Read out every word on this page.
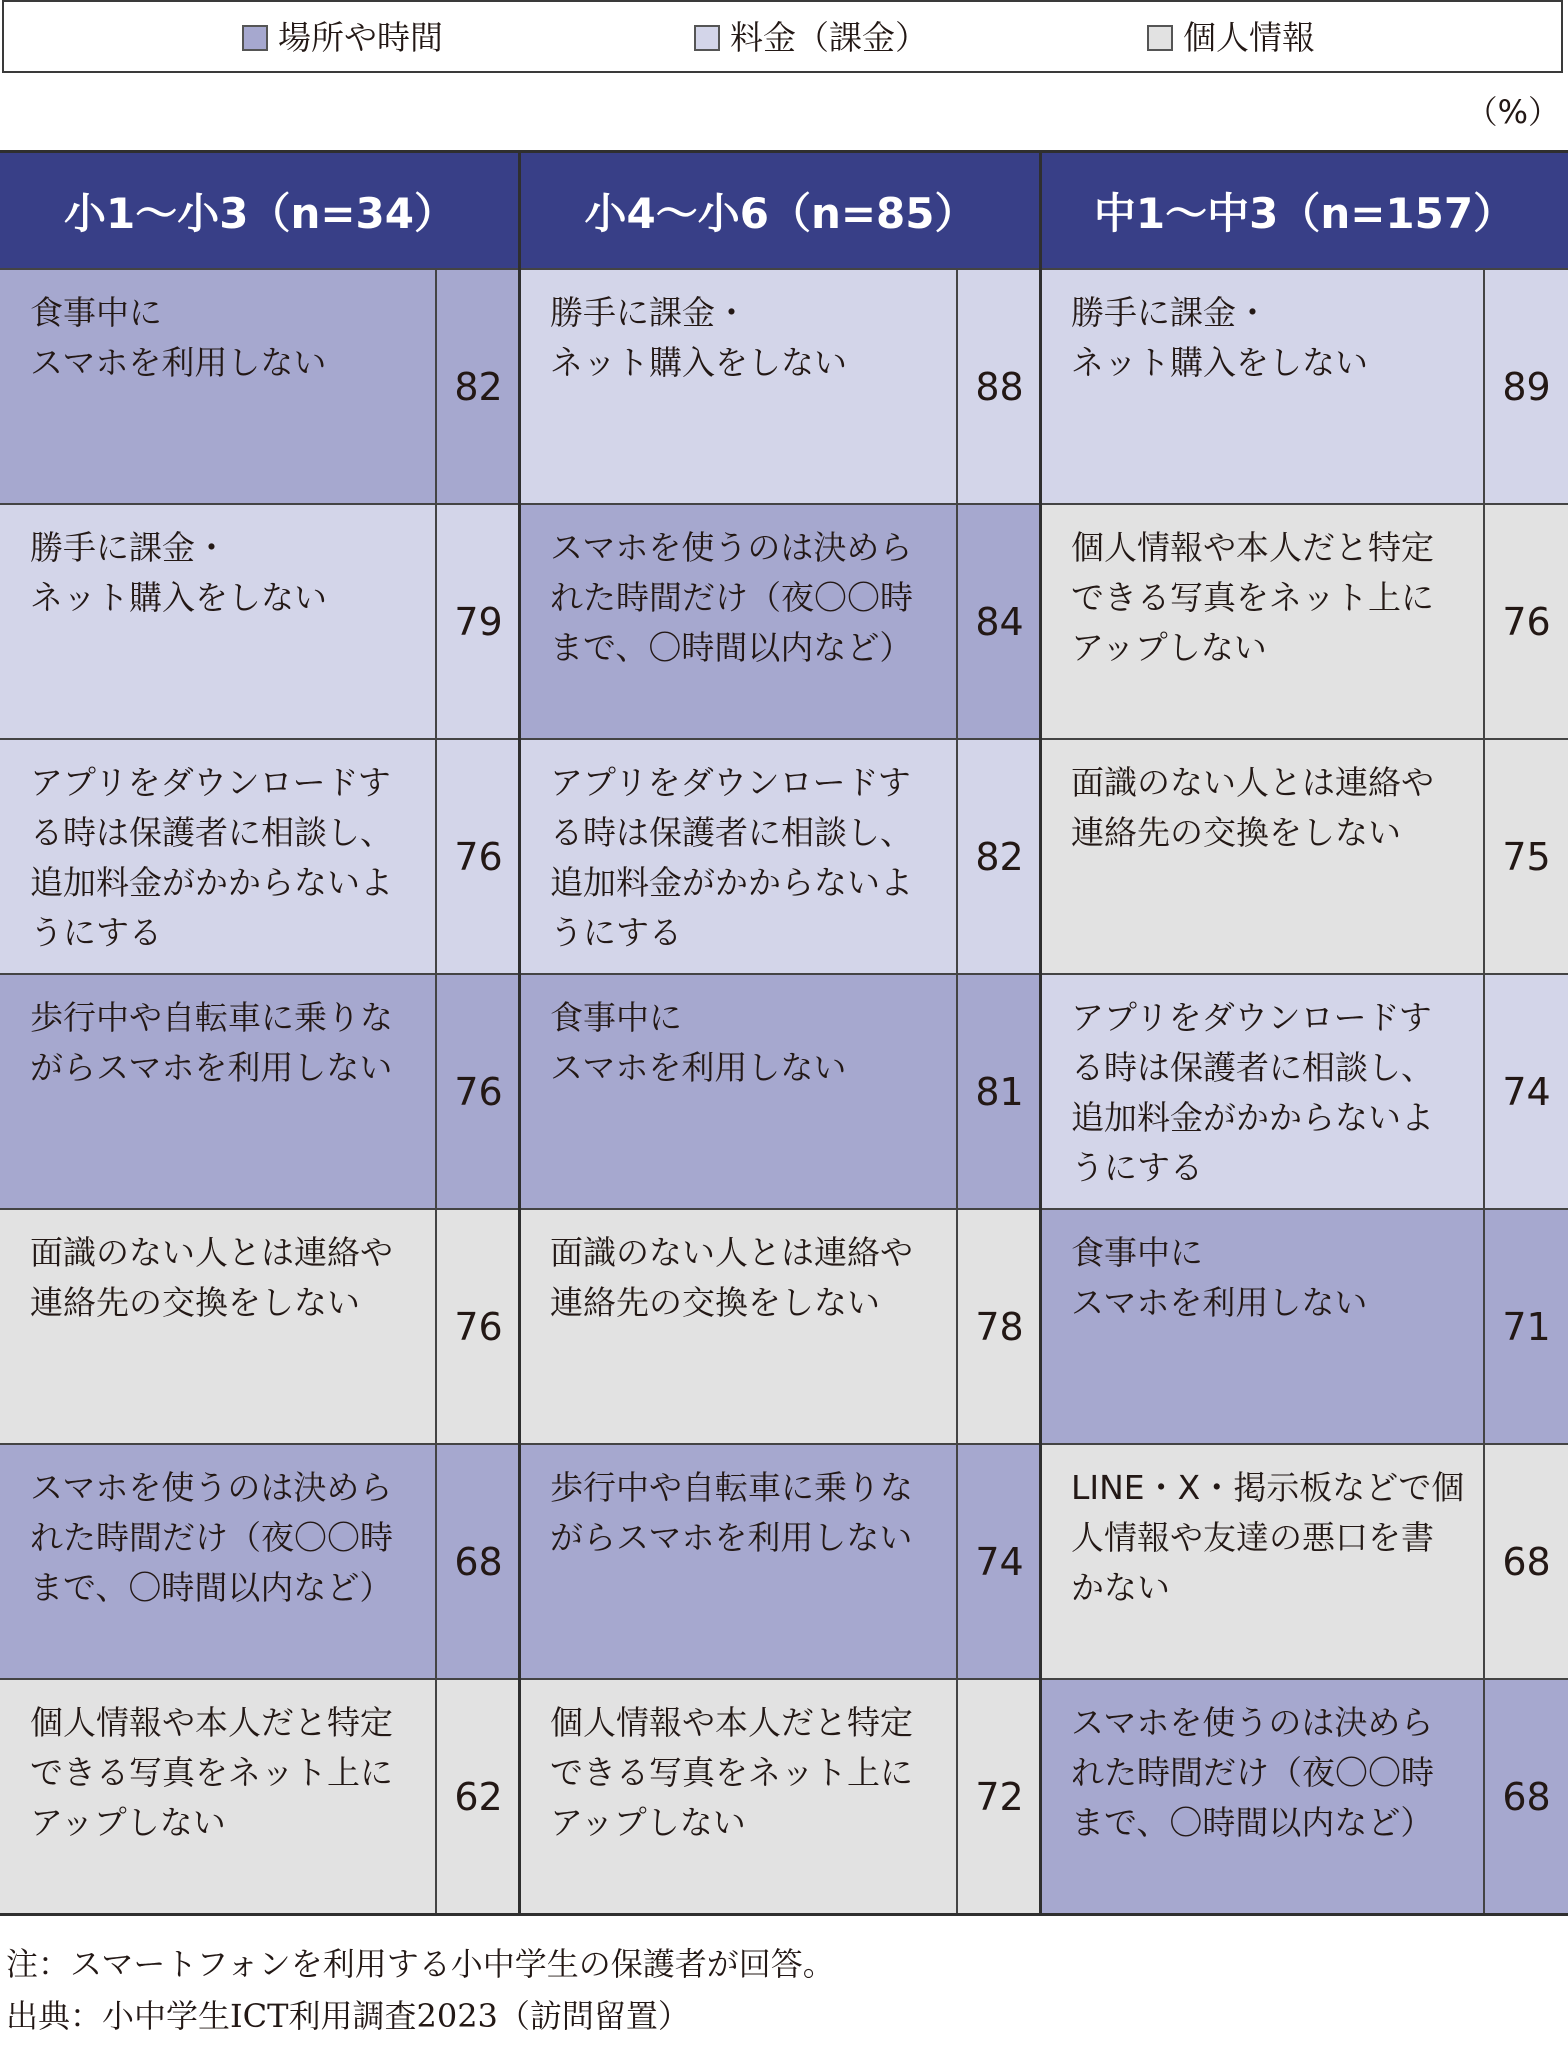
場所や時間	料金（課金）	個人情報
（%）
小1～小3（n=34）
食事中に
スマホを利用しない
82
勝手に課金・
ネット購入をしない
79
アプリをダウンロードす
る時は保護者に相談し、
追加料金がかからないよ
うにする
76
歩行中や自転車に乗りな
がらスマホを利用しない
76
面識のない人とは連絡や
連絡先の交換をしない
76
スマホを使うのは決めら
れた時間だけ（夜〇〇時
まで、〇時間以内など）
68
個人情報や本人だと特定
できる写真をネット上に
アップしない
62
小4～小6（n=85）
勝手に課金・
ネット購入をしない
88
スマホを使うのは決めら
れた時間だけ（夜〇〇時
まで、〇時間以内など）
84
アプリをダウンロードす
る時は保護者に相談し、
追加料金がかからないよ
うにする
82
食事中に
スマホを利用しない
81
面識のない人とは連絡や
連絡先の交換をしない
78
歩行中や自転車に乗りな
がらスマホを利用しない
74
個人情報や本人だと特定
できる写真をネット上に
アップしない
72
中1～中3（n=157）
勝手に課金・
ネット購入をしない
89
個人情報や本人だと特定
できる写真をネット上に
アップしない
76
面識のない人とは連絡や
連絡先の交換をしない
75
アプリをダウンロードす
る時は保護者に相談し、
追加料金がかからないよ
うにする
74
食事中に
スマホを利用しない
71
LINE・X・掲示板などで個
人情報や友達の悪口を書
かない
68
スマホを使うのは決めら
れた時間だけ（夜〇〇時
まで、〇時間以内など）
68
注：スマートフォンを利用する小中学生の保護者が回答。
出典：小中学生ICT利用調査2023（訪問留置）
